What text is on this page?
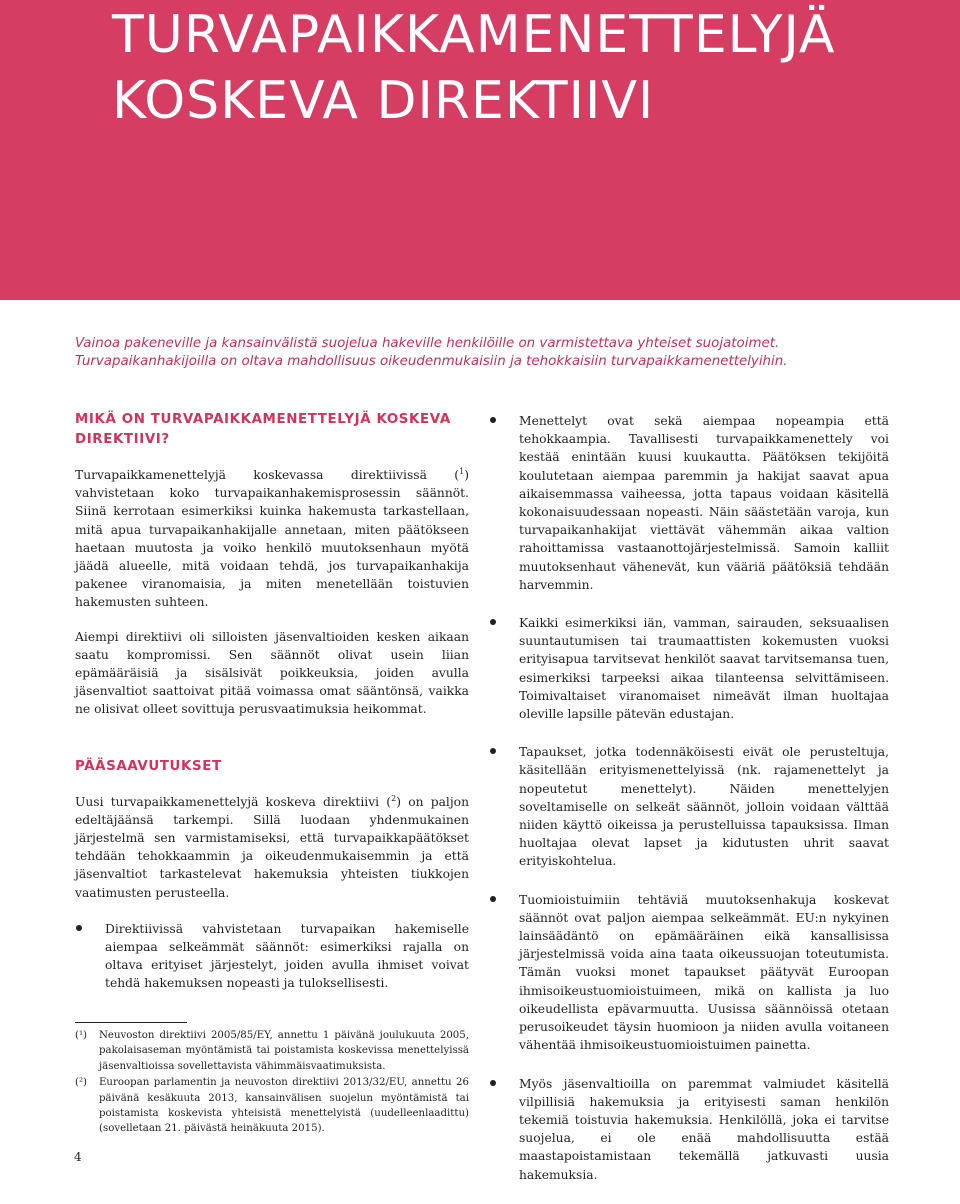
TURVAPAIKKAMENETTELYJÄ
KOSKEVA DIREKTIIVI

Vainoa pakeneville ja kansainvälistä suojelua hakeville henkilöille on varmistettava yhteiset suojatoimet.

Turvapaikanhakijoilla on oltava mahdollisuus oikeudenmukaisiin ja tehokkaisiin turvapaikkamenettelyihin.

MIKÄ ON TURVAPAIKKAMENETTELYJÄ KOSKEVA
DIREKTIIVI?

Turvapaikkamenettelyjä koskevassa direktiivissä ($^1$) vahvistetaan koko turvapaikanhakemisprosessin säännöt. Siinä kerrotaan esimerkiksi kuinka hakemusta tarkastellaan, mitä apua turvapaikanhakijalle annetaan, miten päätökseen haetaan muutosta ja voiko henkilö muutoksenhaun myötä jäädä alueelle, mitä voidaan tehdä, jos turvapaikanhakija pakenee viranomaisia, ja miten menetellään toistuvien hakemusten suhteen.

Aiempi direktiivi oli silloisten jäsenvaltioiden kesken aikaan saatu kompromissi. Sen säännöt olivat usein liian epämääräisiä ja sisälsivät poikkeuksia, joiden avulla jäsenvaltiot saattoivat pitää voimassa omat sääntönsä, vaikka ne olisivat olleet sovittuja perusvaatimuksia heikommat.

PÄÄSAAVUTUKSET

Uusi turvapaikkamenettelyjä koskeva direktiivi ($^2$) on paljon edeltäjäänsä tarkempi. Sillä luodaan yhdenmukainen järjestelmä sen varmistamiseksi, että turvapaikkapäätökset tehdään tehokkaammin ja oikeudenmukaisemmin ja että jäsenvaltiot tarkastelevat hakemuksia yhteisten tiukkojen vaatimusten perusteella.

Direktiivissä vahvistetaan turvapaikan hakemiselle aiempaa selkeämmät säännöt: esimerkiksi rajalla on oltava erityiset järjestelyt, joiden avulla ihmiset voivat tehdä hakemuksen nopeasti ja tuloksellisesti.
Menettelyt ovat sekä aiempaa nopeampia että tehokkaampia. Tavallisesti turvapaikkamenettely voi kestää enintään kuusi kuukautta. Päätöksen tekijöitä koulutetaan aiempaa paremmin ja hakijat saavat apua aikaisemmassa vaiheessa, jotta tapaus voidaan käsitellä kokonaisuudessaan nopeasti. Näin säästetään varoja, kun turvapaikanhakijat viettävät vähemmän aikaa valtion rahoittamissa vastaanottojärjestelmissä. Samoin kalliit muutoksenhaut vähenevät, kun vääriä päätöksiä tehdään harvemmin.
Kaikki esimerkiksi iän, vamman, sairauden, seksuaalisen suuntautumisen tai traumaattisten kokemusten vuoksi erityisapua tarvitsevat henkilöt saavat tarvitsemansa tuen, esimerkiksi tarpeeksi aikaa tilanteensa selvittämiseen. Toimivaltaiset viranomaiset nimeävät ilman huoltajaa oleville lapsille pätevän edustajan.
Tapaukset, jotka todennäköisesti eivät ole perusteltuja, käsitellään erityismenettelyissä (nk. rajamenettelyt ja nopeutetut menettelyt). Näiden menettelyjen soveltamiselle on selkeät säännöt, jolloin voidaan välttää niiden käyttö oikeissa ja perustelluissa tapauksissa. Ilman huoltajaa olevat lapset ja kidutusten uhrit saavat erityiskohtelua.
Tuomioistuimiin tehtäviä muutoksenhakuja koskevat säännöt ovat paljon aiempaa selkeämmät. EU:n nykyinen lainsäädäntö on epämääräinen eikä kansallisissa järjestelmissä voida aina taata oikeussuojan toteutumista. Tämän vuoksi monet tapaukset päätyvät Euroopan ihmisoikeustuomioistuimeen, mikä on kallista ja luo oikeudellista epävarmuutta. Uusissa säännöissä otetaan perusoikeudet täysin huomioon ja niiden avulla voitaneen vähentää ihmisoikeustuomioistuimen painetta.
Myös jäsenvaltioilla on paremmat valmiudet käsitellä vilpillisiä hakemuksia ja erityisesti saman henkilön tekemiä toistuvia hakemuksia. Henkilöllä, joka ei tarvitse suojelua, ei ole enää mahdollisuutta estää maastapoistamistaan tekemällä jatkuvasti uusia hakemuksia.
(¹) Neuvoston direktiivi 2005/85/EY, annettu 1 päivänä joulukuuta 2005, pakolaisaseman myöntämistä tai poistamista koskevissa menettelyissä jäsenvaltioissa sovellettavista vähimmäisvaatimuksista.
(²) Euroopan parlamentin ja neuvoston direktiivi 2013/32/EU, annettu 26 päivänä kesäkuuta 2013, kansainvälisen suojelun myöntämistä tai poistamista koskevista yhteisistä menettelyistä (uudelleenlaadittu) (sovelletaan 21. päivästä heinäkuuta 2015).
4
